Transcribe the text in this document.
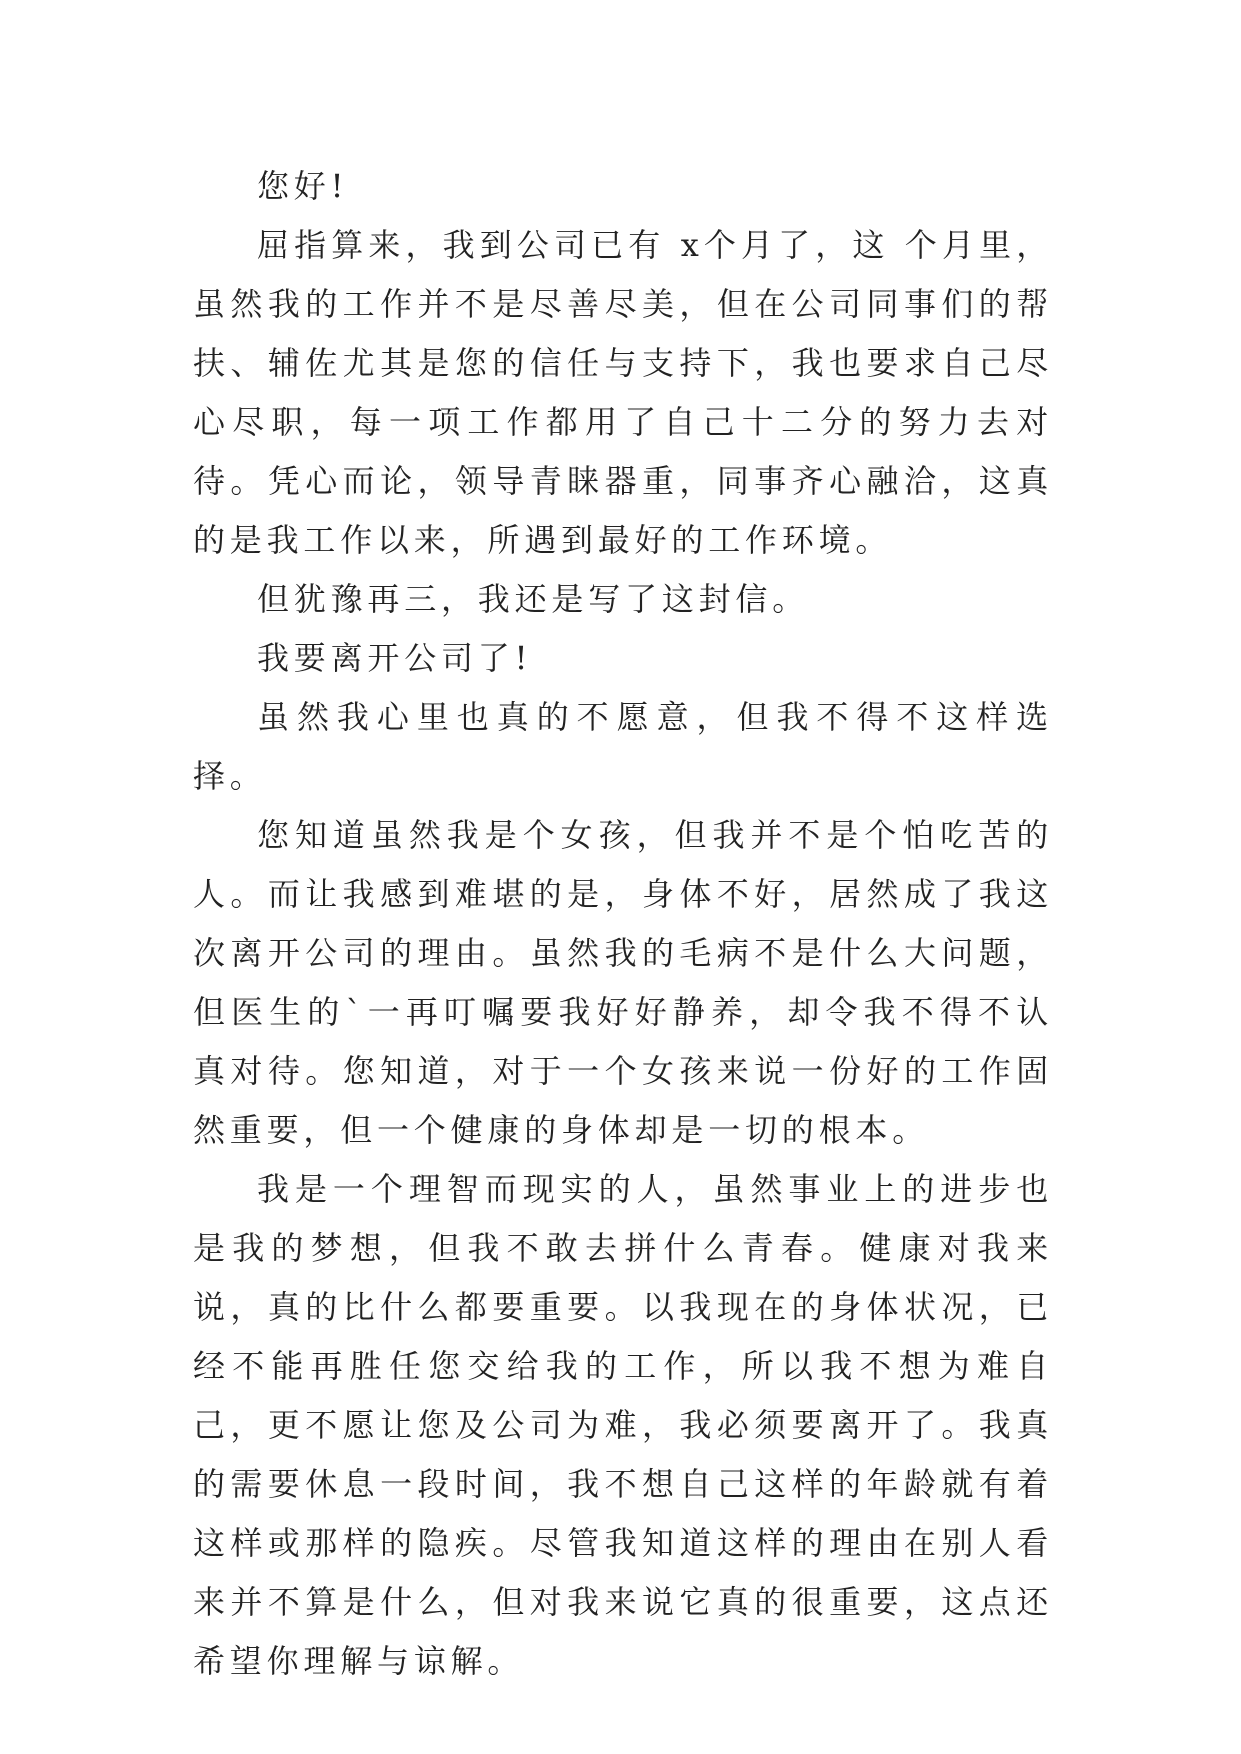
您好!

屈指算来，我到公司已有 x个月了，这 个月里，虽然我的工作并不是尽善尽美，但在公司同事们的帮扶、辅佐尤其是您的信任与支持下，我也要求自己尽心尽职，每一项工作都用了自己十二分的努力去对待。凭心而论，领导青睐器重，同事齐心融洽，这真的是我工作以来，所遇到最好的工作环境。

但犹豫再三，我还是写了这封信。

我要离开公司了!

虽然我心里也真的不愿意，但我不得不这样选择。

您知道虽然我是个女孩，但我并不是个怕吃苦的人。而让我感到难堪的是，身体不好，居然成了我这次离开公司的理由。虽然我的毛病不是什么大问题，但医生的`一再叮嘱要我好好静养，却令我不得不认真对待。您知道，对于一个女孩来说一份好的工作固然重要，但一个健康的身体却是一切的根本。

我是一个理智而现实的人，虽然事业上的进步也是我的梦想，但我不敢去拼什么青春。健康对我来说，真的比什么都要重要。以我现在的身体状况，已经不能再胜任您交给我的工作，所以我不想为难自己，更不愿让您及公司为难，我必须要离开了。我真的需要休息一段时间，我不想自己这样的年龄就有着这样或那样的隐疾。尽管我知道这样的理由在别人看来并不算是什么，但对我来说它真的很重要，这点还希望你理解与谅解。
